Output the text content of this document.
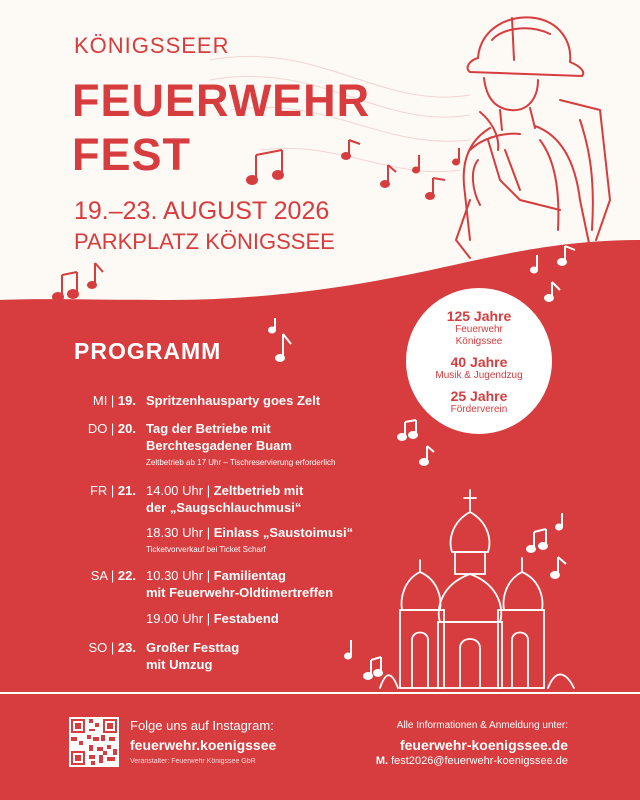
KÖNIGSSEER
FEUERWEHR
FEST
19.–23. AUGUST 2026
PARKPLATZ KÖNIGSSEE
125 Jahre
Feuerwehr
Königssee
40 Jahre
Musik & Jugendzug
25 Jahre
Förderverein
PROGRAMM
MI | 19. Spritzenhausparty goes Zelt
DO | 20. Tag der Betriebe mit
Berchtesgadener Buam
Zeltbetrieb ab 17 Uhr – Tischreservierung erforderlich
FR | 21. 14.00 Uhr | Zeltbetrieb mit
der „Saugschlauchmusi“
18.30 Uhr | Einlass „Saustoimusi“
Ticketvorverkauf bei Ticket Scharf
SA | 22. 10.30 Uhr | Familientag
mit Feuerwehr-Oldtimertreffen
19.00 Uhr | Festabend
SO | 23. Großer Festtag
mit Umzug
Folge uns auf Instagram:
feuerwehr.koenigssee
Veranstalter: Feuerwehr Königssee GbR
Alle Informationen & Anmeldung unter:
feuerwehr-koenigssee.de
M. fest2026@feuerwehr-koenigssee.de
